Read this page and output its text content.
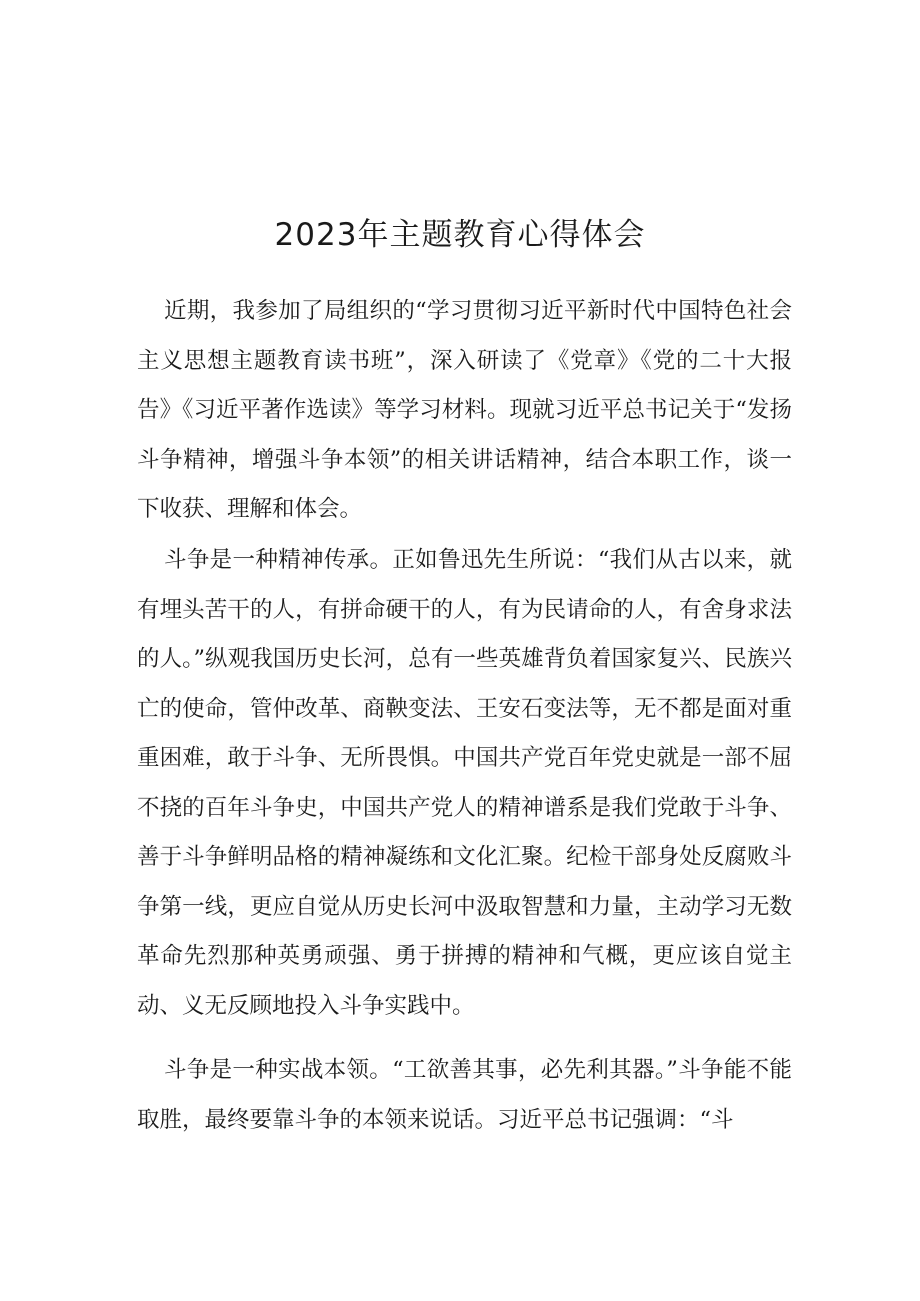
2023年主题教育心得体会

近期，我参加了局组织的“学习贯彻习近平新时代中国特色社会主义思想主题教育读书班”，深入研读了《党章》《党的二十大报告》《习近平著作选读》等学习材料。现就习近平总书记关于“发扬斗争精神，增强斗争本领”的相关讲话精神，结合本职工作，谈一下收获、理解和体会。

斗争是一种精神传承。正如鲁迅先生所说：“我们从古以来，就有埋头苦干的人，有拼命硬干的人，有为民请命的人，有舍身求法的人。”纵观我国历史长河，总有一些英雄背负着国家复兴、民族兴亡的使命，管仲改革、商鞅变法、王安石变法等，无不都是面对重重困难，敢于斗争、无所畏惧。中国共产党百年党史就是一部不屈不挠的百年斗争史，中国共产党人的精神谱系是我们党敢于斗争、善于斗争鲜明品格的精神凝练和文化汇聚。纪检干部身处反腐败斗争第一线，更应自觉从历史长河中汲取智慧和力量，主动学习无数革命先烈那种英勇顽强、勇于拼搏的精神和气概，更应该自觉主动、义无反顾地投入斗争实践中。

斗争是一种实战本领。“工欲善其事，必先利其器。”斗争能不能取胜，最终要靠斗争的本领来说话。习近平总书记强调：“斗
